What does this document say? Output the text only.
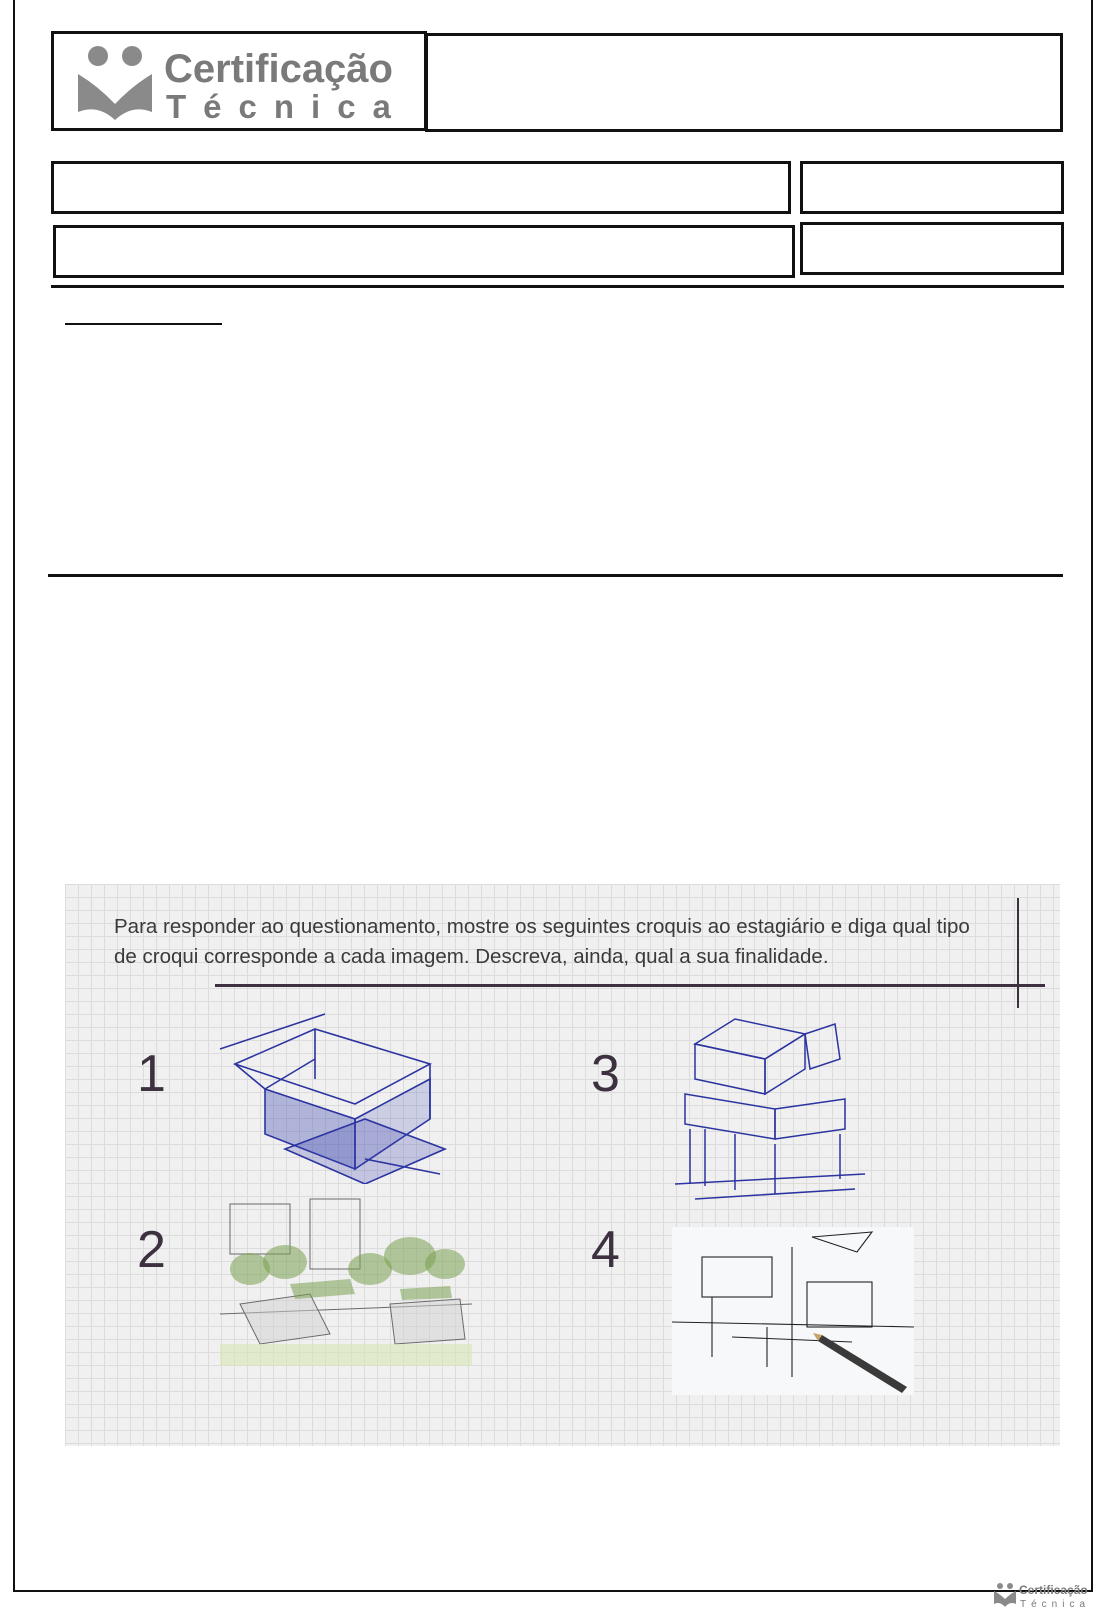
Certificação
Técnica
Para responder ao questionamento, mostre os seguintes croquis ao estagiário e diga qual tipo de croqui corresponde a cada imagem. Descreva, ainda, qual a sua finalidade.
1
2
3
4
Certificação
Técnica
